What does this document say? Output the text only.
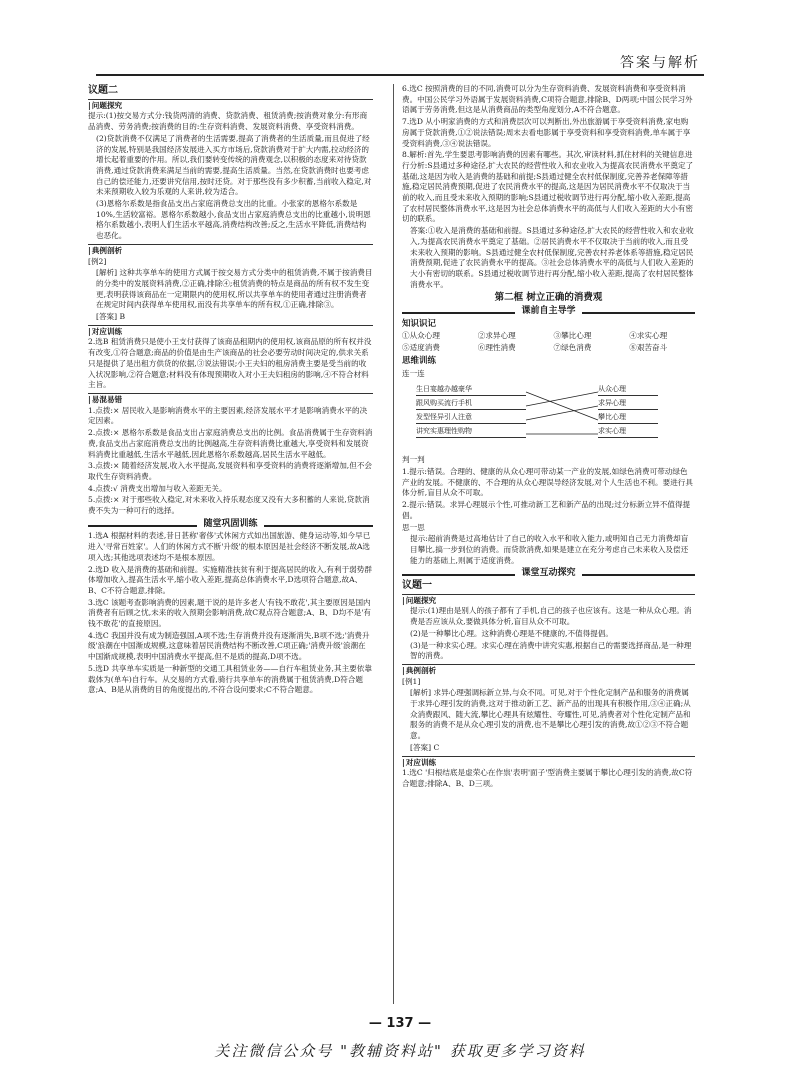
答案与解析
议题二
| 问题探究

提示:(1)按交易方式分:钱货两清的消费、贷款消费、租赁消费;按消费对象分:有形商品消费、劳务消费;按消费的目的:生存资料消费、发展资料消费、享受资料消费。

(2)贷款消费不仅满足了消费者的生活需要,提高了消费者的生活质量,而且促进了经济的发展,特别是我国经济发展进入买方市场后,贷款消费对于扩大内需,拉动经济的增长起着重要的作用。所以,我们要转变传统的消费观念,以积极的态度来对待贷款消费,通过贷款消费来满足当前的需要,提高生活质量。当然,在贷款消费时也要考虑自己的偿还能力,还要讲究信用,按时还贷。对于那些没有多少积蓄,当前收入稳定,对未来预期收入较为乐观的人来讲,较为适合。

(3)恩格尔系数是指食品支出占家庭消费总支出的比重。小张家的恩格尔系数是10%,生活较富裕。恩格尔系数越小,食品支出占家庭消费总支出的比重越小,说明恩格尔系数越小,表明人们生活水平越高,消费结构改善;反之,生活水平降低,消费结构也恶化。

| 典例剖析

[例2]

[解析] 这种共享单车的使用方式属于按交易方式分类中的租赁消费,不属于按消费目的分类中的发展资料消费,②正确,排除④;租赁消费的特点是商品的所有权不发生变更,表明获得该商品在一定期限内的使用权,所以共享单车的使用者通过注册消费者在规定时间内获得单车使用权,而没有共享单车的所有权,①正确,排除③。

[答案] B

| 对应训练

2.选B 租赁消费只是使小王支付获得了该商品租期内的使用权,该商品原的所有权并没有改变,①符合题意;商品的价值是由生产该商品的社会必要劳动时间决定的,供求关系只是提供了是出租方供货的依据,③说法错误;小王夫妇的租房消费主要是受当前的收入状况影响,②符合题意;材料没有体现预期收入对小王夫妇租房的影响,④不符合材料主旨。

| 易混易错

1.点拨:× 居民收入是影响消费水平的主要因素,经济发展水平才是影响消费水平的决定因素。

2.点拨:× 恩格尔系数是食品支出占家庭消费总支出的比例。食品消费属于生存资料消费,食品支出占家庭消费总支出的比例越高,生存资料消费比重越大,享受资料和发展资料消费比重越低,生活水平越低,因此恩格尔系数越高,居民生活水平越低。

3.点拨:× 随着经济发展,收入水平提高,发展资料和享受资料的消费将逐渐增加,但不会取代生存资料消费。

4.点拨:√ 消费支出增加与收入差距无关。

5.点拨:× 对于那些收入稳定,对未来收入持乐观态度又没有大多积蓄的人来说,贷款消费不失为一种可行的选择。

随堂巩固训练

1.选A 根据材料的表述,昔日甚称'奢侈'式休闲方式如出国旅游、健身运动等,如今早已进入'寻常百姓家'。人们的休闲方式不断'升级'的根本原因是社会经济不断发展,故A选项入选;其他选项表述均不是根本原因。

2.选D 收入是消费的基础和前提。实施精准扶贫有利于提高居民的收入,有利于弱势群体增加收入,提高生活水平,缩小收入差距,提高总体消费水平,D选项符合题意,故A、B、C不符合题意,排除。

3.选C 该题考查影响消费的因素,题干说的是许多老人'有钱不敢花',其主要原因是国内消费者有后顾之忧,未来的收入预期会影响消费,故C观点符合题意;A、B、D均不是'有钱不敢花'的直接原因。

4.选C 我国并没有成为制造强国,A项不选;生存消费并没有逐渐消失,B项不选;'消费升级'浪潮在中国渐成规模,这意味着居民消费结构不断改善,C项正确;'消费升级'浪潮在中国渐成规模,表明中国消费水平提高,但不是质的提高,D项不选。

5.选D 共享单车实质是一种新型的交通工具租赁业务——自行车租赁业务,其主要依靠载体为(单车)自行车。从交易的方式看,骑行共享单车的消费属于租赁消费,D符合题意;A、B是从消费的目的角度提出的,不符合设问要求;C不符合题意。

6.选C 按照消费的目的不同,消费可以分为生存资料消费、发展资料消费和享受资料消费。中国公民学习外语属于发展资料消费,C项符合题意,排除B、D两项;中国公民学习外语属于劳务消费,但这是从消费商品的类型角度划分,A不符合题意。

7.选D 从小明家消费的方式和消费层次可以判断出,外出旅游属于享受资料消费,家电购房属于贷款消费,①②说法错误;周末去看电影属于享受资料和享受资料消费,单车属于享受资料消费,③④说法错误。

8.解析:首先,学生要思考影响消费的因素有哪些。其次,审读材料,抓住材料的关键信息进行分析:S县通过多种途径,扩大农民的经营性收入和农业收入为提高农民消费水平奠定了基础,这是因为收入是消费的基础和前提;S县通过健全农村低保制度,完善养老保障等措施,稳定居民消费预期,促进了农民消费水平的提高,这是因为居民消费水平不仅取决于当前的收入,而且受未来收入预期的影响;S县通过税收调节进行再分配,缩小收入差距,提高了农村居民整体消费水平,这是因为社会总体消费水平的高低与人们收入差距的大小有密切的联系。

答案:①收入是消费的基础和前提。S县通过多种途径,扩大农民的经营性收入和农业收入,为提高农民消费水平奠定了基础。②居民消费水平不仅取决于当前的收入,而且受未来收入预期的影响。S县通过健全农村低保制度,完善农村养老体系等措施,稳定居民消费预期,促进了农民消费水平的提高。③社会总体消费水平的高低与人们收入差距的大小有密切的联系。S县通过税收调节进行再分配,缩小收入差距,提高了农村居民整体消费水平。

第二框 树立正确的消费观
课前自主导学
知识识记
①从众心理	②求异心理	③攀比心理	④求实心理
⑤适度消费	⑥理性消费	⑦绿色消费	⑧艰苦奋斗
思维训练

连一连

生日宴越办越豪华
跟风购买流行手机
发型怪异引人注意
讲究实惠理性购物
从众心理
求异心理
攀比心理
求实心理

判一判

1.提示:错误。合理的、健康的从众心理可带动某一产业的发展,如绿色消费可带动绿色产业的发展。不健康的、不合理的从众心理误导经济发展,对个人生活也不利。要进行具体分析,盲目从众不可取。

2.提示:错误。求异心理展示个性,可推动新工艺和新产品的出现;过分标新立异不值得提倡。

思一思

提示:超前消费是过高地估计了自己的收入水平和收入能力,或明知自己无力消费却盲目攀比,搞一步到位的消费。而贷款消费,如果是建立在充分考虑自己未来收入及偿还能力的基础上,则属于适度消费。

课堂互动探究
议题一
| 问题探究

提示:(1)理由是别人的孩子都有了手机,自己的孩子也应该有。这是一种从众心理。消费是否应该从众,要做具体分析,盲目从众不可取。

(2)是一种攀比心理。这种消费心理是不健康的,不值得提倡。

(3)是一种求实心理。求实心理在消费中讲究实惠,根据自己的需要选择商品,是一种理智的消费。

| 典例剖析

[例1]

[解析] 求异心理强调标新立异,与众不同。可见,对于个性化定制产品和服务的消费属于求异心理引发的消费,这对于推动新工艺、新产品的出现具有积极作用,③④正确;从众消费跟风、随大流,攀比心理具有炫耀性、夸耀性,可见,消费者对个性化定制产品和服务的消费不是从众心理引发的消费,也不是攀比心理引发的消费,故①②③不符合题意。

[答案] C

| 对应训练

1.选C '归根结底是虚荣心在作祟'表明'面子'型消费主要属于攀比心理引发的消费,故C符合题意;排除A、B、D三项。

— 137 —
关注微信公众号 "教辅资料站" 获取更多学习资料
